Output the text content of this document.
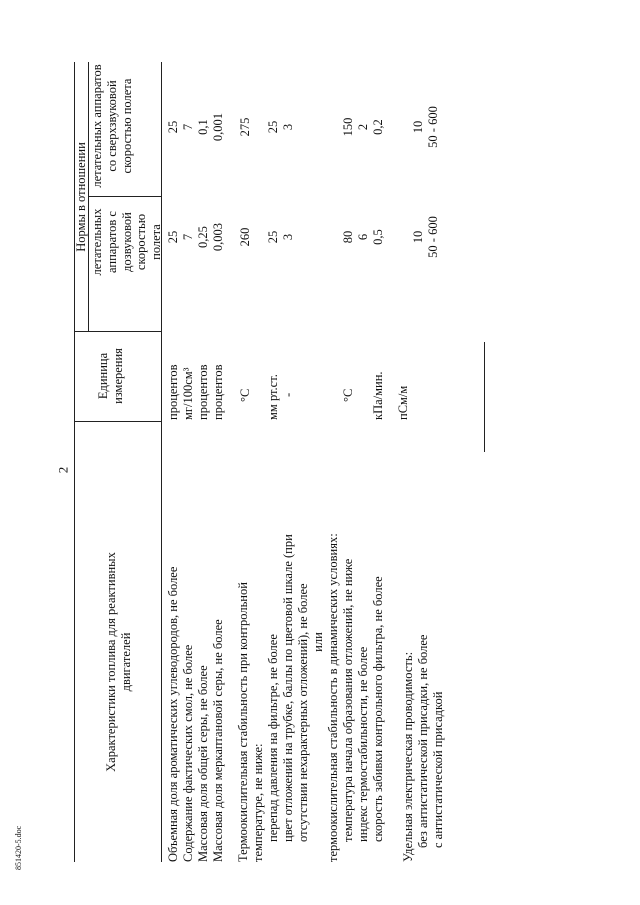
2
851420-5.doc
Характеристики топлива для реактивных двигателей
Единица измерения
Нормы в отношении летательных аппаратов с дозвуковой скоростью полета
летательных аппаратов со сверхзвуковой скоростью полета
Объемная доля ароматических углеводородов, не более
процентов
25
25
Содержание фактических смол, не более
мг/100см³
7
7
Массовая доля общей серы, не более
процентов
0,25
0,1
Массовая доля меркаптановой серы, не более
процентов
0,003
0,001
Термоокислительная стабильность при контрольной температуре, не ниже:
°С
260
275
перепад давления на фильтре, не более
мм рт.ст.
25
25
цвет отложений на трубке, баллы по цветовой шкале (при отсутствии нехарактерных отложений), не более
-
3
3
или термоокислительная стабильность в динамических условиях: температура начала образования отложений, не ниже
°С
80
150
индекс термостабильности, не более
6
2
скорость забивки контрольного фильтра, не более
кПа/мин.
0,5
0,2
Удельная электрическая проводимость:
пСм/м
без антистатической присадки, не более
10
10
с антистатической присадкой
50 - 600
50 - 600
